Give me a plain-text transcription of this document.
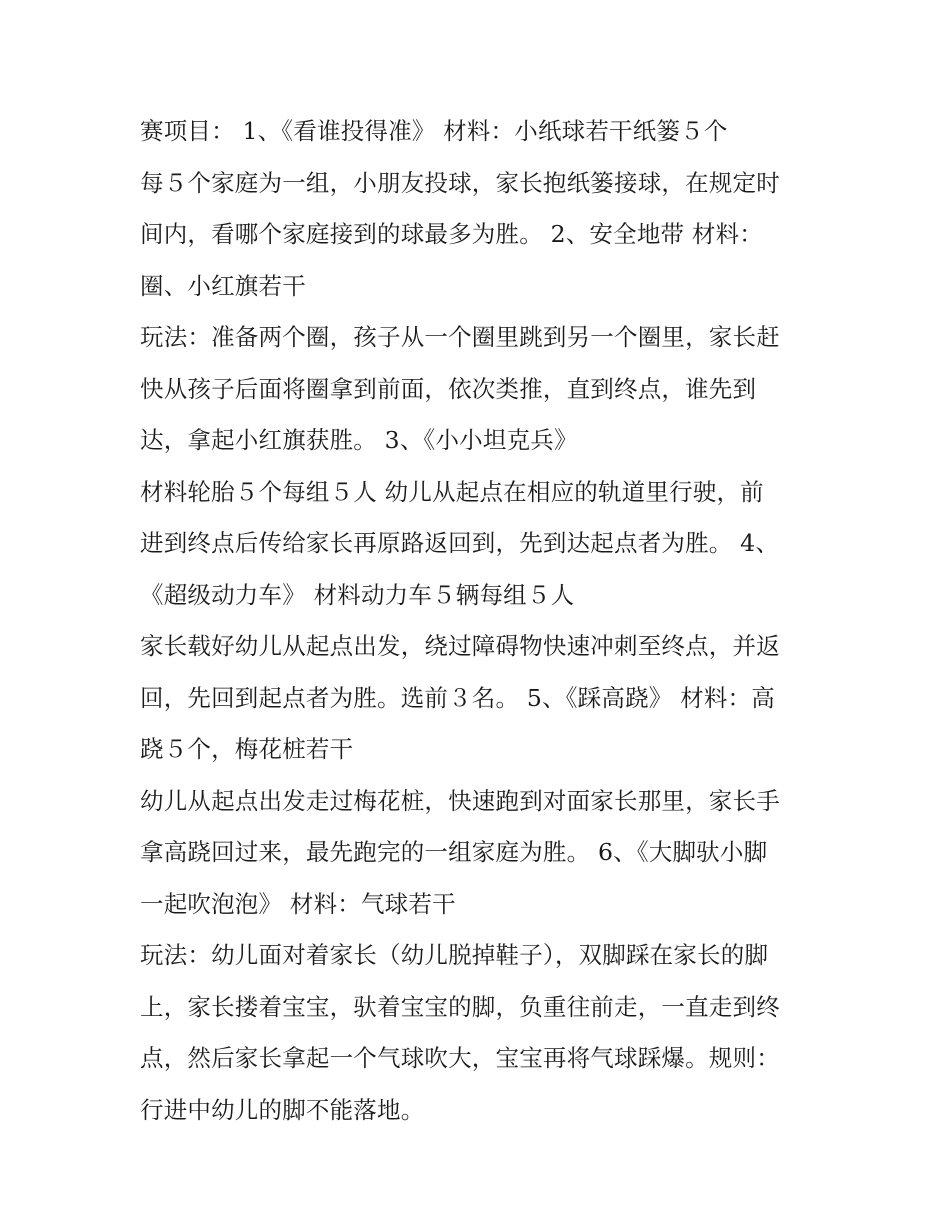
赛项目： 1、《看谁投得准》 材料：小纸球若干纸篓５个
每５个家庭为一组，小朋友投球，家长抱纸篓接球，在规定时
间内，看哪个家庭接到的球最多为胜。 2、安全地带 材料：
圈、小红旗若干
玩法：准备两个圈，孩子从一个圈里跳到另一个圈里，家长赶
快从孩子后面将圈拿到前面，依次类推，直到终点，谁先到
达，拿起小红旗获胜。 3、《小小坦克兵》
材料轮胎５个每组５人 幼儿从起点在相应的轨道里行驶，前
进到终点后传给家长再原路返回到，先到达起点者为胜。 4、
《超级动力车》 材料动力车５辆每组５人
家长载好幼儿从起点出发，绕过障碍物快速冲刺至终点，并返
回，先回到起点者为胜。选前３名。 5、《踩高跷》 材料：高
跷５个，梅花桩若干
幼儿从起点出发走过梅花桩，快速跑到对面家长那里，家长手
拿高跷回过来，最先跑完的一组家庭为胜。 6、《大脚驮小脚
一起吹泡泡》 材料：气球若干
玩法：幼儿面对着家长（幼儿脱掉鞋子），双脚踩在家长的脚
上，家长搂着宝宝，驮着宝宝的脚，负重往前走，一直走到终
点，然后家长拿起一个气球吹大，宝宝再将气球踩爆。规则：
行进中幼儿的脚不能落地。
